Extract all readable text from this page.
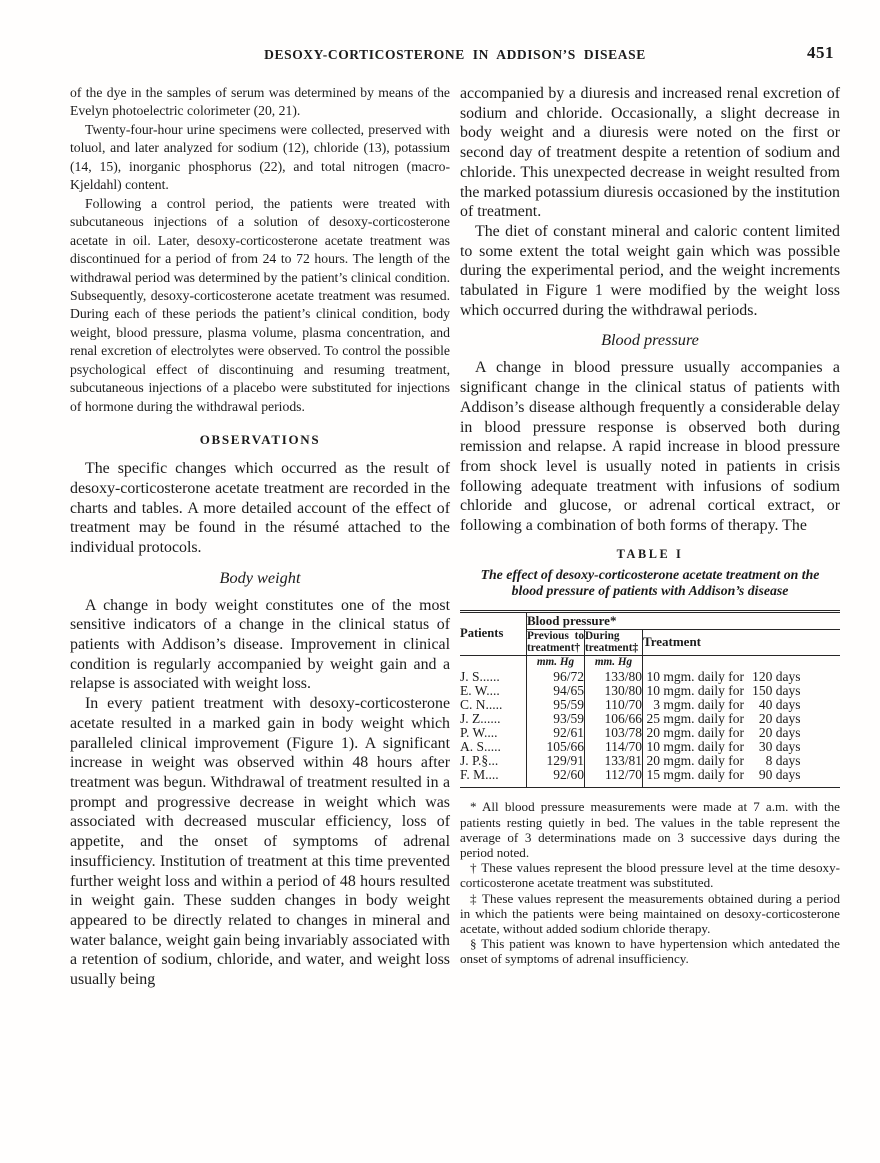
DESOXY-CORTICOSTERONE IN ADDISON’S DISEASE	451

of the dye in the samples of serum was determined by means of the Evelyn photoelectric colorimeter (20, 21).

Twenty-four-hour urine specimens were collected, preserved with toluol, and later analyzed for sodium (12), chloride (13), potassium (14, 15), inorganic phosphorus (22), and total nitrogen (macro-Kjeldahl) content.

Following a control period, the patients were treated with subcutaneous injections of a solution of desoxy-corticosterone acetate in oil. Later, desoxy-corticosterone acetate treatment was discontinued for a period of from 24 to 72 hours. The length of the withdrawal period was determined by the patient’s clinical condition. Subsequently, desoxy-corticosterone acetate treatment was resumed. During each of these periods the patient’s clinical condition, body weight, blood pressure, plasma volume, plasma concentration, and renal excretion of electrolytes were observed. To control the possible psychological effect of discontinuing and resuming treatment, subcutaneous injections of a placebo were substituted for injections of hormone during the withdrawal periods.

OBSERVATIONS

The specific changes which occurred as the result of desoxy-corticosterone acetate treatment are recorded in the charts and tables. A more detailed account of the effect of treatment may be found in the résumé attached to the individual protocols.

Body weight

A change in body weight constitutes one of the most sensitive indicators of a change in the clinical status of patients with Addison’s disease. Improvement in clinical condition is regularly accompanied by weight gain and a relapse is associated with weight loss.

In every patient treatment with desoxy-corticosterone acetate resulted in a marked gain in body weight which paralleled clinical improvement (Figure 1). A significant increase in weight was observed within 48 hours after treatment was begun. Withdrawal of treatment resulted in a prompt and progressive decrease in weight which was associated with decreased muscular efficiency, loss of appetite, and the onset of symptoms of adrenal insufficiency. Institution of treatment at this time prevented further weight loss and within a period of 48 hours resulted in weight gain. These sudden changes in body weight appeared to be directly related to changes in mineral and water balance, weight gain being invariably associated with a retention of sodium, chloride, and water, and weight loss usually being

accompanied by a diuresis and increased renal excretion of sodium and chloride. Occasionally, a slight decrease in body weight and a diuresis were noted on the first or second day of treatment despite a retention of sodium and chloride. This unexpected decrease in weight resulted from the marked potassium diuresis occasioned by the institution of treatment.

The diet of constant mineral and caloric content limited to some extent the total weight gain which was possible during the experimental period, and the weight increments tabulated in Figure 1 were modified by the weight loss which occurred during the withdrawal periods.

Blood pressure

A change in blood pressure usually accompanies a significant change in the clinical status of patients with Addison’s disease although frequently a considerable delay in blood pressure response is observed both during remission and relapse. A rapid increase in blood pressure from shock level is usually noted in patients in crisis following adequate treatment with infusions of sodium chloride and glucose, or adrenal cortical extract, or following a combination of both forms of therapy. The

TABLE I
The effect of desoxy-corticosterone acetate treatment on the blood pressure of patients with Addison’s disease
Patients	Blood pressure*		
	Previous to treatment†	During treatment‡	Treatment
	mm. Hg	mm. Hg	
J. S......	96/72	133/80	10 mgm. daily for 120 days
E. W....	94/65	130/80	10 mgm. daily for 150 days
C. N.....	95/59	110/70	3 mgm. daily for 40 days
J. Z......	93/59	106/66	25 mgm. daily for 20 days
P. W....	92/61	103/78	20 mgm. daily for 20 days
A. S.....	105/66	114/70	10 mgm. daily for 30 days
J. P.§...	129/91	133/81	20 mgm. daily for 8 days
F. M....	92/60	112/70	15 mgm. daily for 90 days

* All blood pressure measurements were made at 7 a.m. with the patients resting quietly in bed. The values in the table represent the average of 3 determinations made on 3 successive days during the period noted.

† These values represent the blood pressure level at the time desoxy-corticosterone acetate treatment was substituted.

‡ These values represent the measurements obtained during a period in which the patients were being maintained on desoxy-corticosterone acetate, without added sodium chloride therapy.

§ This patient was known to have hypertension which antedated the onset of symptoms of adrenal insufficiency.
